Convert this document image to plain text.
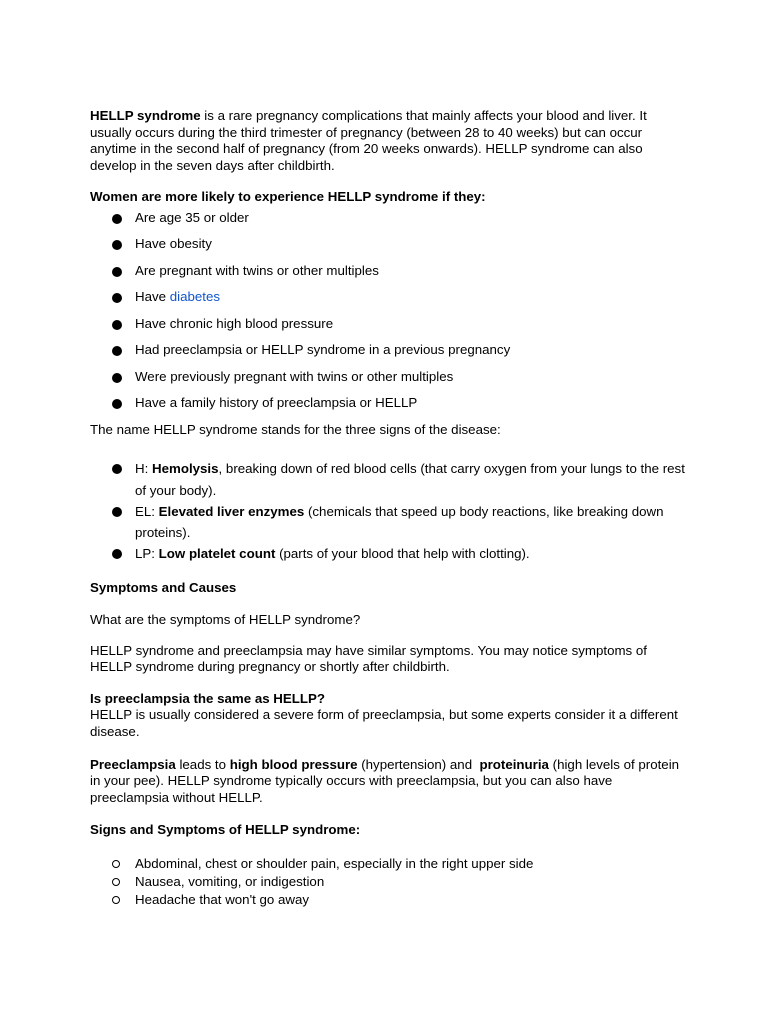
HELLP syndrome is a rare pregnancy complications that mainly affects your blood and liver. It usually occurs during the third trimester of pregnancy (between 28 to 40 weeks) but can occur anytime in the second half of pregnancy (from 20 weeks onwards). HELLP syndrome can also develop in the seven days after childbirth.

Women are more likely to experience HELLP syndrome if they:

Are age 35 or older
Have obesity
Are pregnant with twins or other multiples
Have diabetes
Have chronic high blood pressure
Had preeclampsia or HELLP syndrome in a previous pregnancy
Were previously pregnant with twins or other multiples
Have a family history of preeclampsia or HELLP

The name HELLP syndrome stands for the three signs of the disease:

H: Hemolysis, breaking down of red blood cells (that carry oxygen from your lungs to the rest of your body).
EL: Elevated liver enzymes (chemicals that speed up body reactions, like breaking down proteins).
LP: Low platelet count (parts of your blood that help with clotting).

Symptoms and Causes

What are the symptoms of HELLP syndrome?

HELLP syndrome and preeclampsia may have similar symptoms. You may notice symptoms of HELLP syndrome during pregnancy or shortly after childbirth.

Is preeclampsia the same as HELLP?

HELLP is usually considered a severe form of preeclampsia, but some experts consider it a different disease.

Preeclampsia leads to high blood pressure (hypertension) and  proteinuria (high levels of protein in your pee). HELLP syndrome typically occurs with preeclampsia, but you can also have preeclampsia without HELLP.

Signs and Symptoms of HELLP syndrome:

Abdominal, chest or shoulder pain, especially in the right upper side
Nausea, vomiting, or indigestion
Headache that won't go away
